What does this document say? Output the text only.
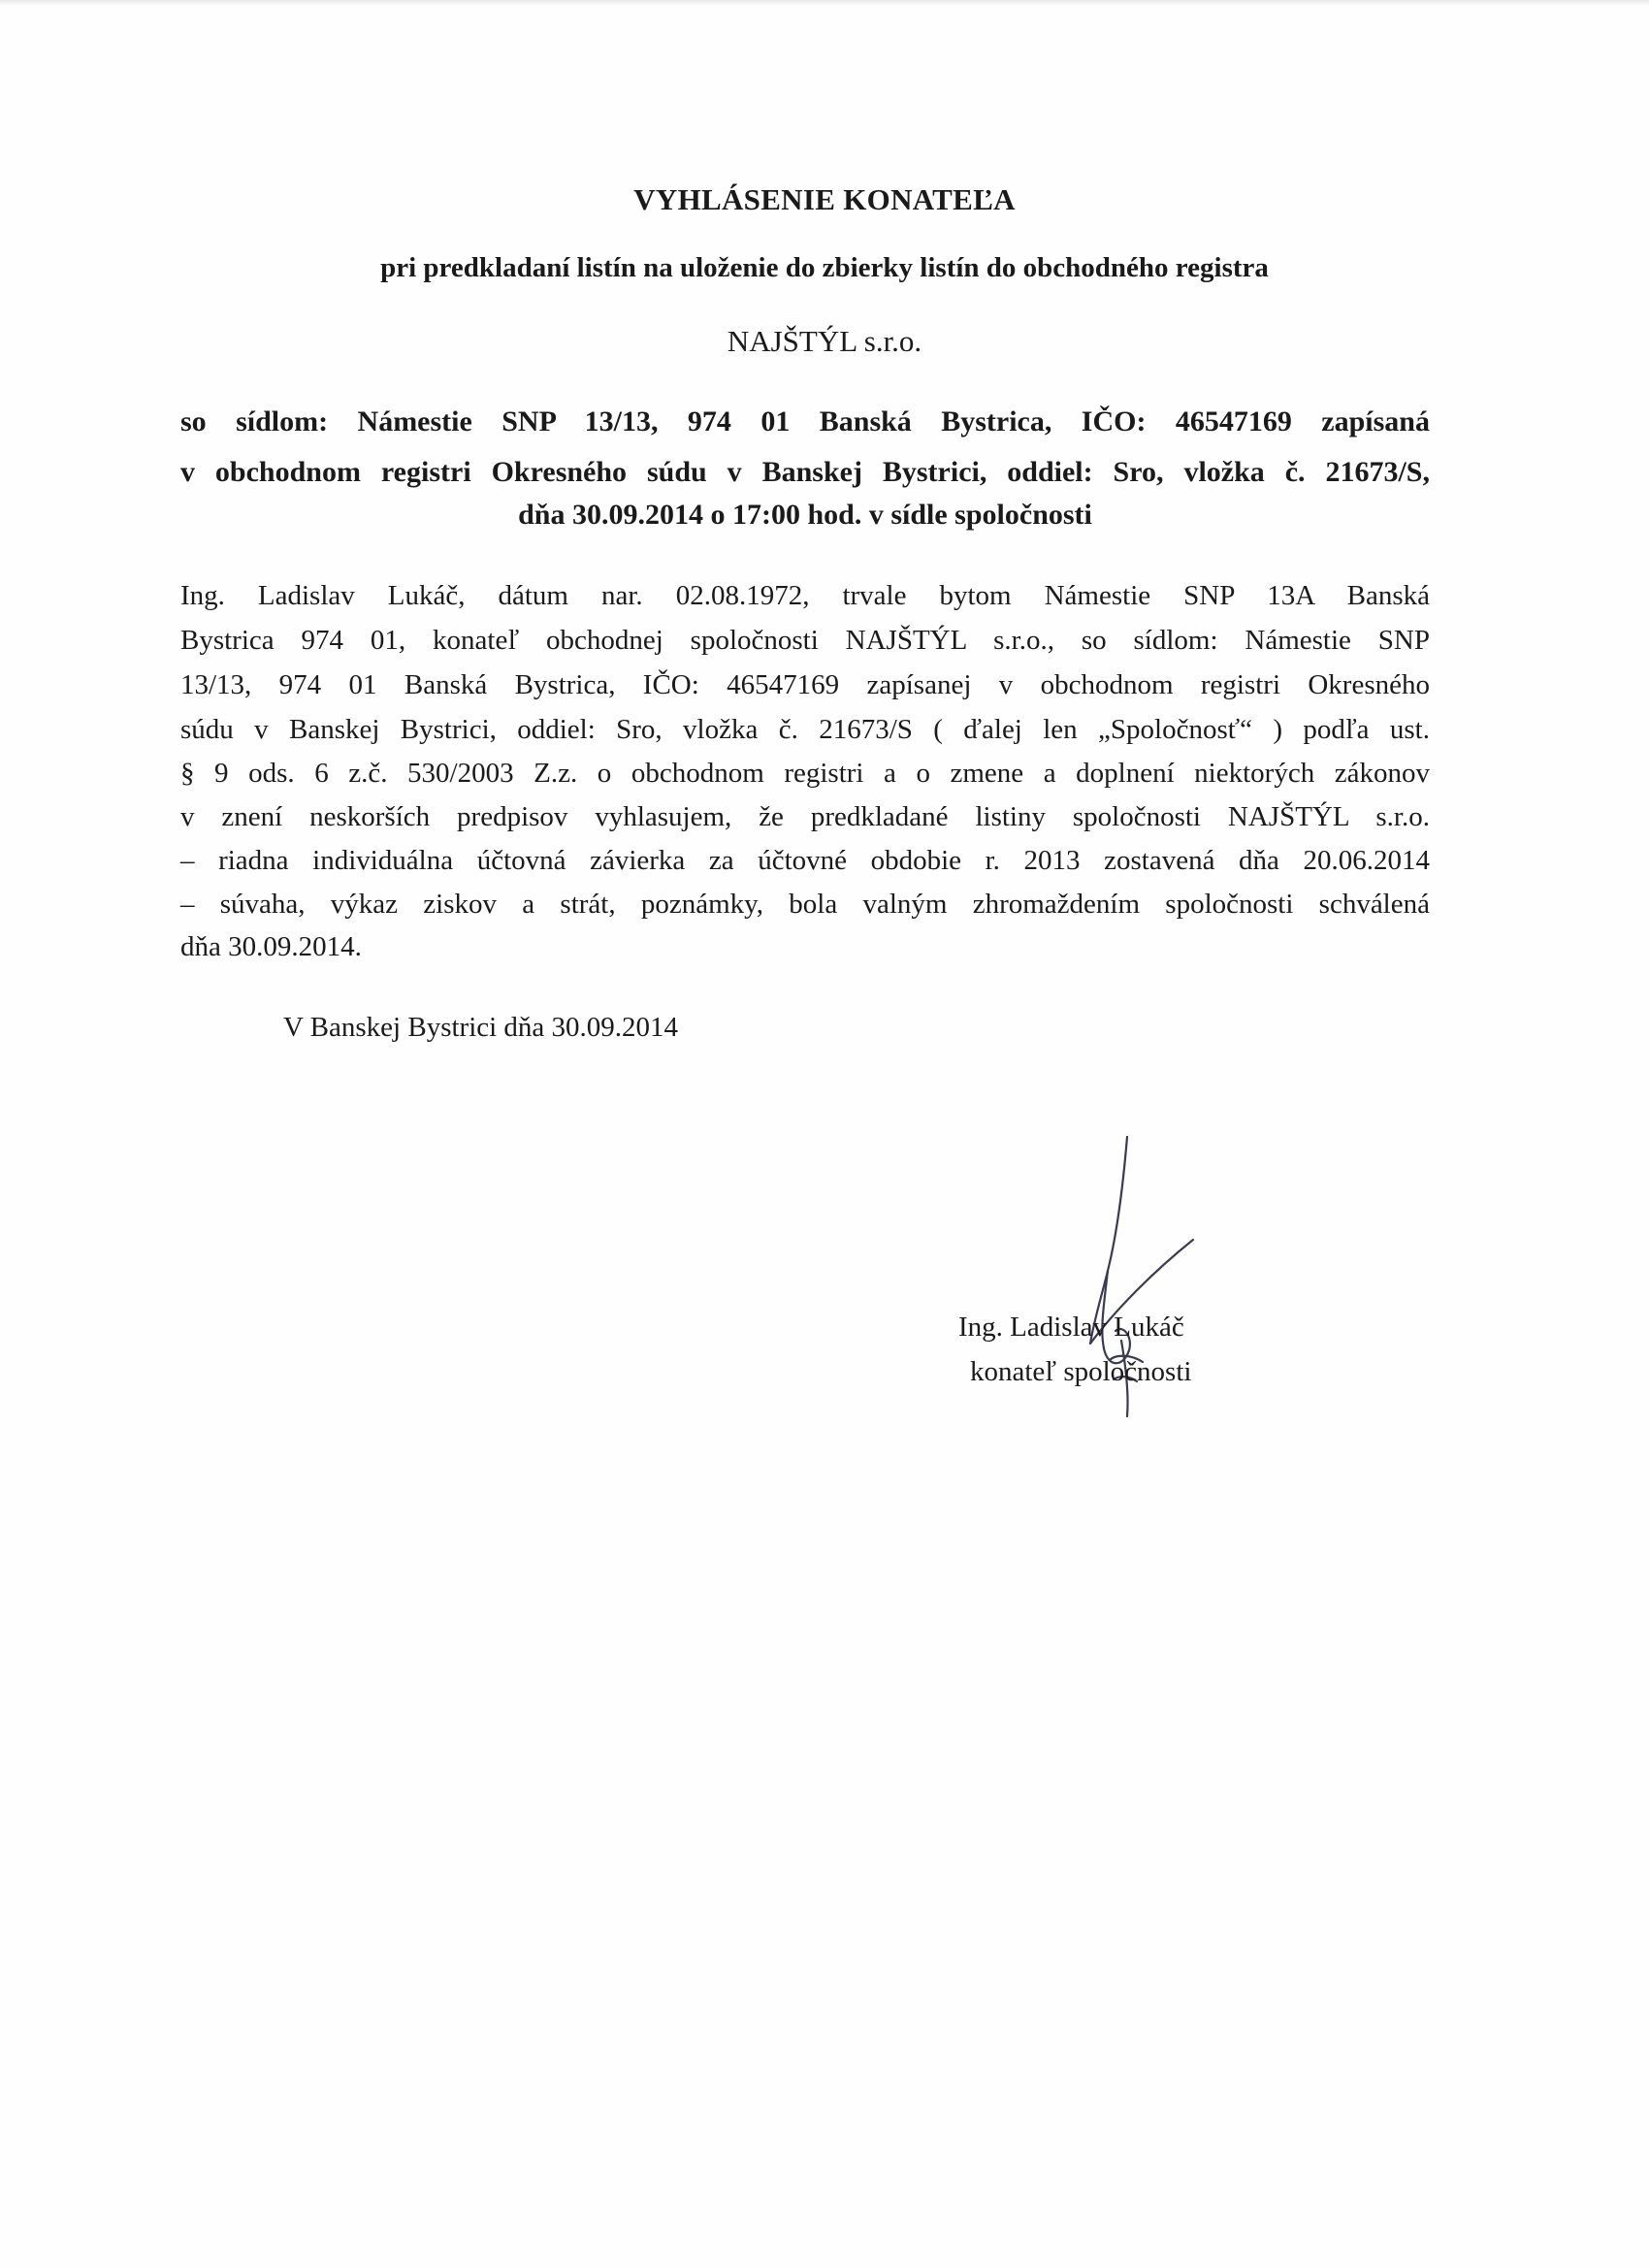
VYHLÁSENIE KONATEĽA
pri predkladaní listín na uloženie do zbierky listín do obchodného registra
NAJŠTÝL s.r.o.
so sídlom: Námestie SNP 13/13, 974 01 Banská Bystrica, IČO: 46547169 zapísaná
v obchodnom registri Okresného súdu v Banskej Bystrici, oddiel: Sro, vložka č. 21673/S,
dňa 30.09.2014 o 17:00 hod. v sídle spoločnosti
Ing. Ladislav Lukáč, dátum nar. 02.08.1972, trvale bytom Námestie SNP 13A Banská
Bystrica 974 01, konateľ obchodnej spoločnosti NAJŠTÝL s.r.o., so sídlom: Námestie SNP
13/13, 974 01 Banská Bystrica, IČO: 46547169 zapísanej v obchodnom registri Okresného
súdu v Banskej Bystrici, oddiel: Sro, vložka č. 21673/S ( ďalej len „Spoločnosť“ ) podľa ust.
§ 9 ods. 6 z.č. 530/2003 Z.z. o obchodnom registri a o zmene a doplnení niektorých zákonov
v znení neskorších predpisov vyhlasujem, že predkladané listiny spoločnosti NAJŠTÝL s.r.o.
– riadna individuálna účtovná závierka za účtovné obdobie r. 2013 zostavená dňa 20.06.2014
– súvaha, výkaz ziskov a strát, poznámky, bola valným zhromaždením spoločnosti schválená
dňa 30.09.2014.
V Banskej Bystrici dňa 30.09.2014
Ing. Ladislav Lukáč
konateľ spoločnosti
